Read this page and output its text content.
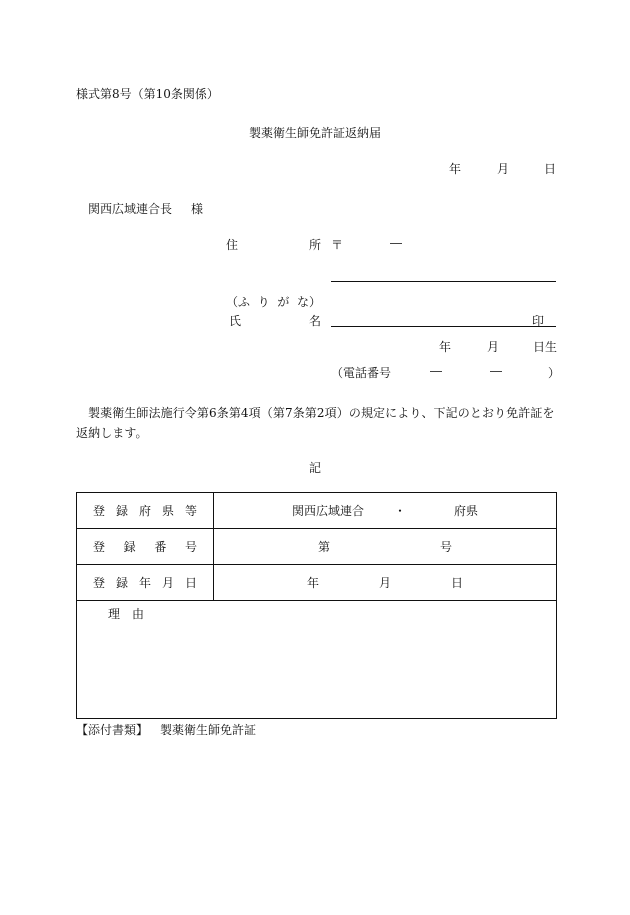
様式第8号（第10条関係）
製薬衛生師免許証返納届
年	月	日
関西広域連合長 様
住	所 〒	―
（ふ り が な）
氏	名	印
年	月	日生
（電話番号	―	―	）
製薬衛生師法施行令第6条第4項（第7条第2項）の規定により、下記のとおり免許証を返納します。
記
登 録 府 県 等	関西広域連合 ・ 府県

登 録 番 号	第 号

登 録 年 月 日	年 月 日

理　由	
【添付書類】 製薬衛生師免許証
